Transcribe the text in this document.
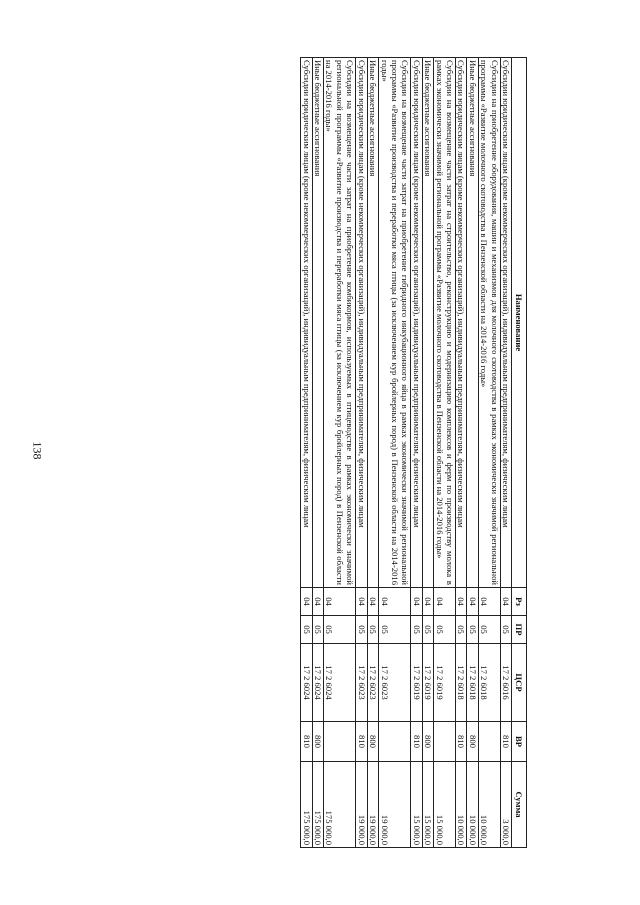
138
Наименование	Рз	ПР	ЦСР	ВР	Сумма
Субсидии юридическим лицам (кроме некоммерческих организаций), индивидуальным предпринимателям, физическим лицам	04	05	17 2 6016	810	3 000,0
Субсидии на приобретение оборудования, машин и механизмов для молочного скотоводства в рамках экономически значимой региональной программы «Развитие молочного скотоводства в Пензенской области на 2014-2016 годы»	04	05	17 2 6018		10 000,0
Иные бюджетные ассигнования	04	05	17 2 6018	800	10 000,0
Субсидии юридическим лицам (кроме некоммерческих организаций), индивидуальным предпринимателям, физическим лицам	04	05	17 2 6018	810	10 000,0
Субсидии на возмещение части затрат на строительство, реконструкцию и модернизацию комплексов и ферм по производству молока в рамках экономически значимой региональной программы «Развитие молочного скотоводства в Пензенской области на 2014-2016 годы»	04	05	17 2 6019		15 000,0
Иные бюджетные ассигнования	04	05	17 2 6019	800	15 000,0
Субсидии юридическим лицам (кроме некоммерческих организаций), индивидуальным предпринимателям, физическим лицам	04	05	17 2 6019	810	15 000,0
Субсидии на возмещение части затрат на приобретение гибридного инкубационного яйца в рамках экономически значимой региональной программы «Развитие производства и переработки мяса птицы (за исключением кур бройлерных пород) в Пензенской области на 2014-2016 годы»	04	05	17 2 6023		19 000,0
Иные бюджетные ассигнования	04	05	17 2 6023	800	19 000,0
Субсидии юридическим лицам (кроме некоммерческих организаций), индивидуальным предпринимателям, физическим лицам	04	05	17 2 6023	810	19 000,0
Субсидии на возмещение части затрат на приобретение комбикормов, используемых в птицеводстве в рамках экономически значимой региональной программы «Развитие производства и переработки мяса птицы (за исключением кур бройлерных пород) в Пензенской области на 2014-2016 годы»	04	05	17 2 6024		175 000,0
Иные бюджетные ассигнования	04	05	17 2 6024	800	175 000,0
Субсидии юридическим лицам (кроме некоммерческих организаций), индивидуальным предпринимателям, физическим лицам	04	05	17 2 6024	810	175 000,0
